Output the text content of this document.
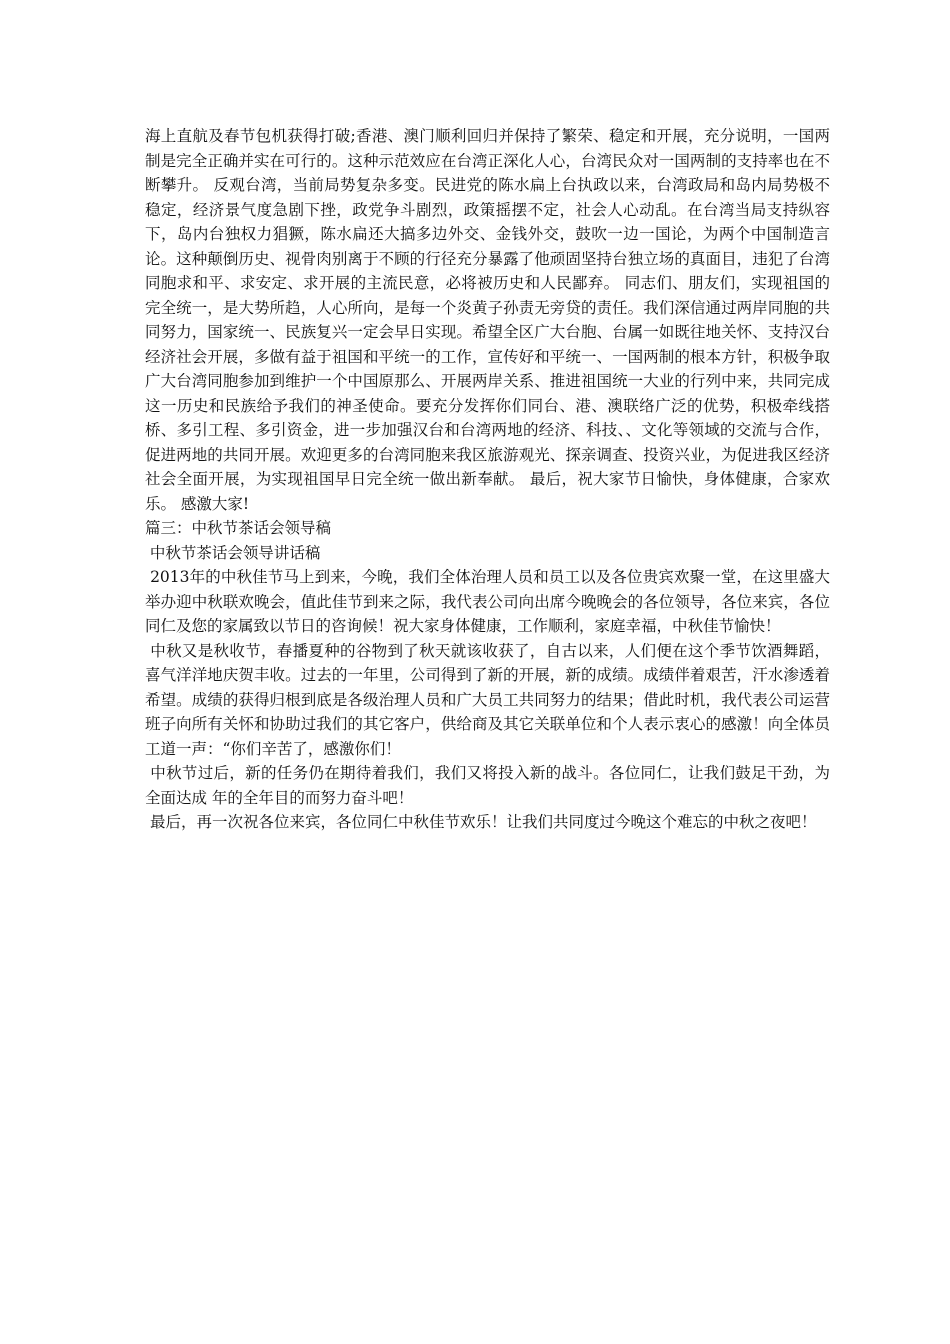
海上直航及春节包机获得打破;香港、澳门顺利回归并保持了繁荣、稳定和开展，充分说明，一国两制是完全正确并实在可行的。这种示范效应在台湾正深化人心，台湾民众对一国两制的支持率也在不断攀升。 反观台湾，当前局势复杂多变。民进党的陈水扁上台执政以来，台湾政局和岛内局势极不稳定，经济景气度急剧下挫，政党争斗剧烈，政策摇摆不定，社会人心动乱。在台湾当局支持纵容下，岛内台独权力猖獗，陈水扁还大搞多边外交、金钱外交，鼓吹一边一国论，为两个中国制造言论。这种颠倒历史、视骨肉别离于不顾的行径充分暴露了他顽固坚持台独立场的真面目，违犯了台湾同胞求和平、求安定、求开展的主流民意，必将被历史和人民鄙弃。 同志们、朋友们，实现祖国的完全统一，是大势所趋，人心所向，是每一个炎黄子孙责无旁贷的责任。我们深信通过两岸同胞的共同努力，国家统一、民族复兴一定会早日实现。希望全区广大台胞、台属一如既往地关怀、支持汉台经济社会开展，多做有益于祖国和平统一的工作，宣传好和平统一、一国两制的根本方针，积极争取广大台湾同胞参加到维护一个中国原那么、开展两岸关系、推进祖国统一大业的行列中来，共同完成这一历史和民族给予我们的神圣使命。要充分发挥你们同台、港、澳联络广泛的优势，积极牵线搭桥、多引工程、多引资金，进一步加强汉台和台湾两地的经济、科技、、文化等领域的交流与合作，促进两地的共同开展。欢迎更多的台湾同胞来我区旅游观光、探亲调查、投资兴业，为促进我区经济社会全面开展，为实现祖国早日完全统一做出新奉献。 最后，祝大家节日愉快，身体健康，合家欢乐。 感激大家!

篇三：中秋节茶话会领导稿
中秋节茶话会领导讲话稿

2013年的中秋佳节马上到来，今晚，我们全体治理人员和员工以及各位贵宾欢聚一堂，在这里盛大举办迎中秋联欢晚会，值此佳节到来之际，我代表公司向出席今晚晚会的各位领导，各位来宾，各位同仁及您的家属致以节日的咨询候！祝大家身体健康，工作顺利，家庭幸福，中秋佳节愉快！

中秋又是秋收节，春播夏种的谷物到了秋天就该收获了，自古以来，人们便在这个季节饮酒舞蹈，喜气洋洋地庆贺丰收。过去的一年里，公司得到了新的开展，新的成绩。成绩伴着艰苦，汗水渗透着希望。成绩的获得归根到底是各级治理人员和广大员工共同努力的结果；借此时机，我代表公司运营班子向所有关怀和协助过我们的其它客户，供给商及其它关联单位和个人表示衷心的感激！向全体员工道一声：“你们辛苦了，感激你们！

中秋节过后，新的任务仍在期待着我们，我们又将投入新的战斗。各位同仁，让我们鼓足干劲，为全面达成 年的全年目的而努力奋斗吧！

最后，再一次祝各位来宾，各位同仁中秋佳节欢乐！让我们共同度过今晚这个难忘的中秋之夜吧！
